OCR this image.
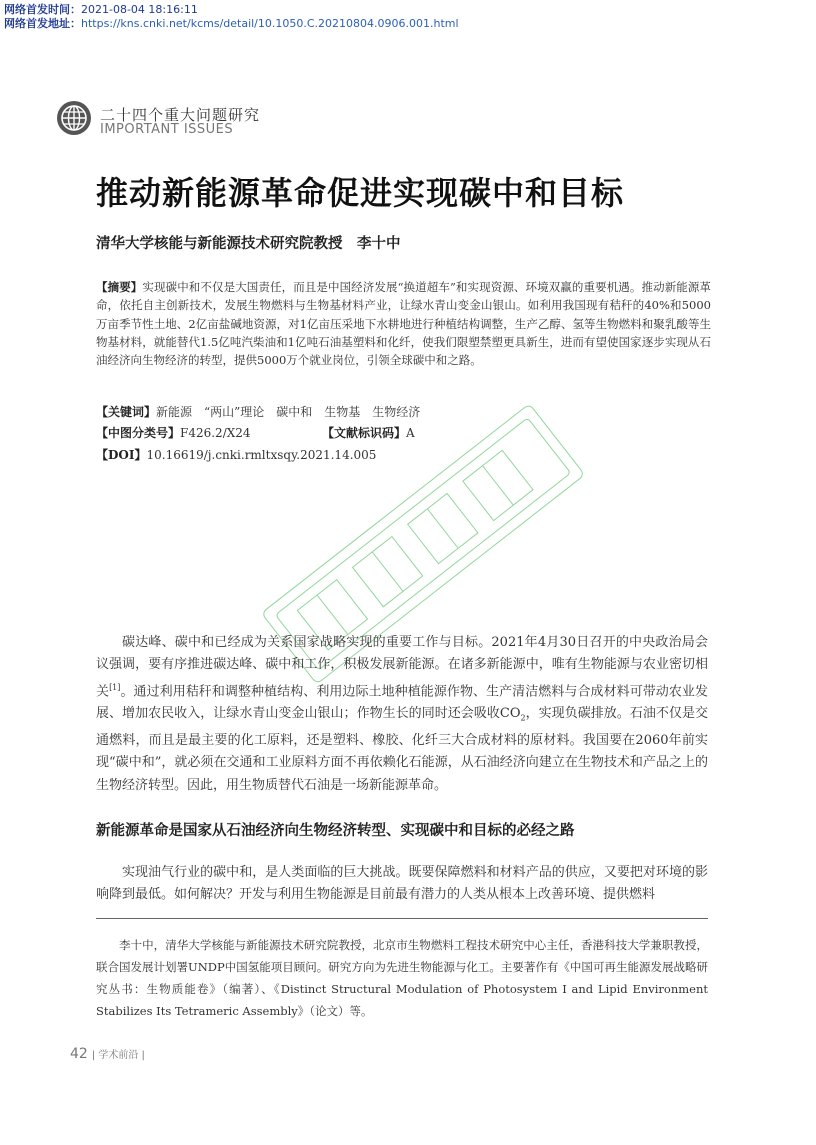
网络首发时间：2021-08-04 18:16:11
网络首发地址：https://kns.cnki.net/kcms/detail/10.1050.C.20210804.0906.001.html
二十四个重大问题研究
IMPORTANT ISSUES
推动新能源革命促进实现碳中和目标
清华大学核能与新能源技术研究院教授　李十中
【摘要】实现碳中和不仅是大国责任，而且是中国经济发展“换道超车”和实现资源、环境双赢的重要机遇。推动新能源革命，依托自主创新技术，发展生物燃料与生物基材料产业，让绿水青山变金山银山。如利用我国现有秸秆的40%和5000万亩季节性土地、2亿亩盐碱地资源，对1亿亩压采地下水耕地进行种植结构调整，生产乙醇、氢等生物燃料和聚乳酸等生物基材料，就能替代1.5亿吨汽柴油和1亿吨石油基塑料和化纤，使我们限塑禁塑更具新生，进而有望使国家逐步实现从石油经济向生物经济的转型，提供5000万个就业岗位，引领全球碳中和之路。
【关键词】新能源　“两山”理论　碳中和　生物基　生物经济
【中图分类号】F426.2/X24	【文献标识码】A
【DOI】10.16619/j.cnki.rmltxsqy.2021.14.005
碳达峰、碳中和已经成为关系国家战略实现的重要工作与目标。2021年4月30日召开的中央政治局会议强调，要有序推进碳达峰、碳中和工作，积极发展新能源。在诸多新能源中，唯有生物能源与农业密切相关[1]。通过利用秸秆和调整种植结构、利用边际土地种植能源作物、生产清洁燃料与合成材料可带动农业发展、增加农民收入，让绿水青山变金山银山；作物生长的同时还会吸收$CO_2$，实现负碳排放。石油不仅是交通燃料，而且是最主要的化工原料，还是塑料、橡胶、化纤三大合成材料的原材料。我国要在2060年前实现“碳中和”，就必须在交通和工业原料方面不再依赖化石能源，从石油经济向建立在生物技术和产品之上的生物经济转型。因此，用生物质替代石油是一场新能源革命。
新能源革命是国家从石油经济向生物经济转型、实现碳中和目标的必经之路
实现油气行业的碳中和，是人类面临的巨大挑战。既要保障燃料和材料产品的供应，又要把对环境的影响降到最低。如何解决？开发与利用生物能源是目前最有潜力的人类从根本上改善环境、提供燃料
李十中，清华大学核能与新能源技术研究院教授，北京市生物燃料工程技术研究中心主任，香港科技大学兼职教授，联合国发展计划署UNDP中国氢能项目顾问。研究方向为先进生物能源与化工。主要著作有《中国可再生能源发展战略研究丛书：生物质能卷》（编著）、《Distinct Structural Modulation of Photosystem I and Lipid Environment Stabilizes Its Tetrameric Assembly》（论文）等。
42 | 学术前沿 |
